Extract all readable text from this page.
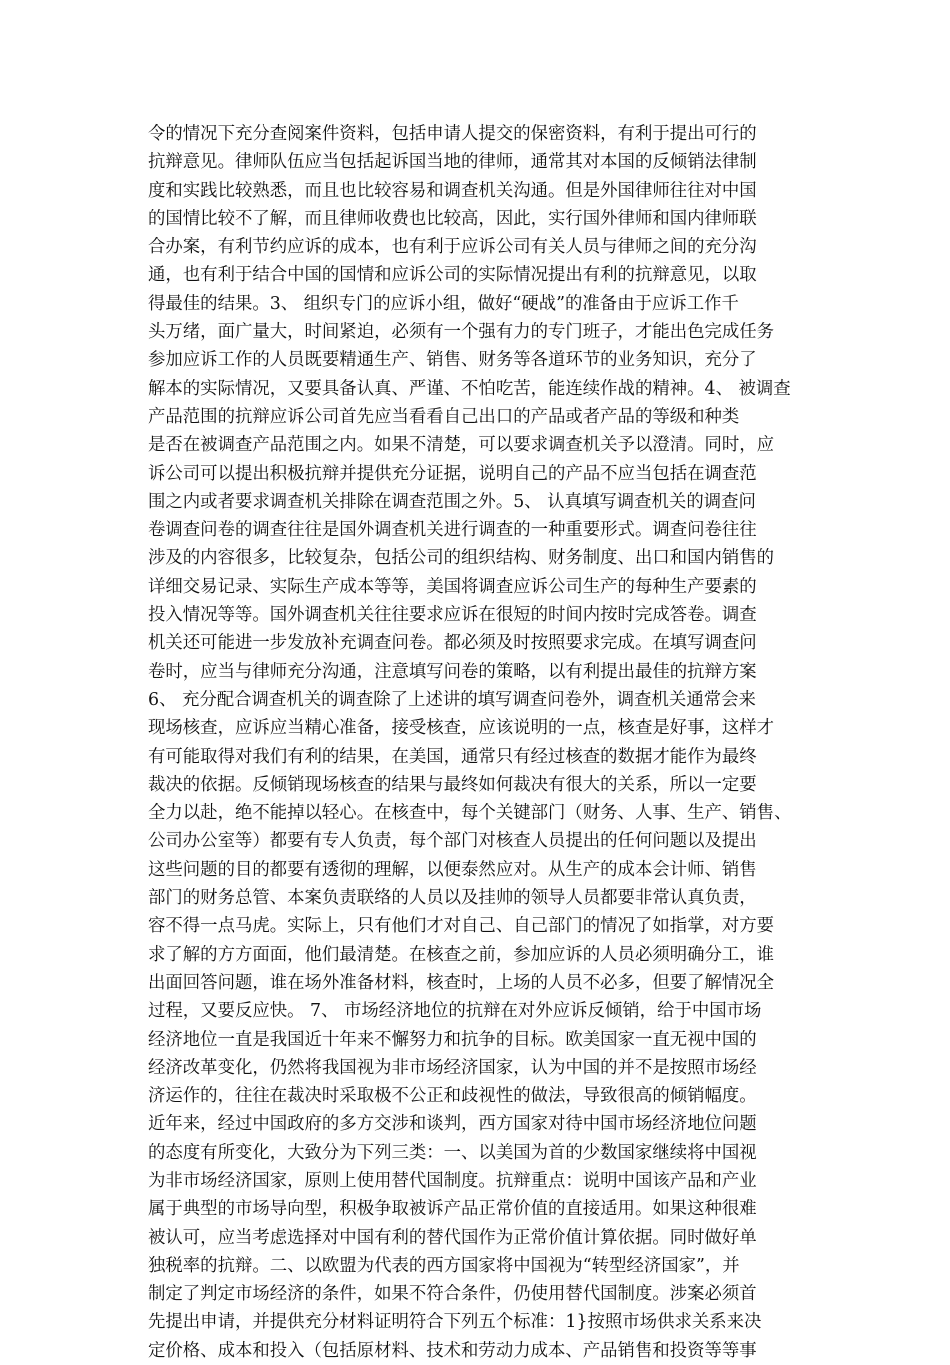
令的情况下充分查阅案件资料，包括申请人提交的保密资料，有利于提出可行的
抗辩意见。律师队伍应当包括起诉国当地的律师，通常其对本国的反倾销法律制
度和实践比较熟悉，而且也比较容易和调查机关沟通。但是外国律师往往对中国
的国情比较不了解，而且律师收费也比较高，因此，实行国外律师和国内律师联
合办案，有利节约应诉的成本，也有利于应诉公司有关人员与律师之间的充分沟
通，也有利于结合中国的国情和应诉公司的实际情况提出有利的抗辩意见，以取
得最佳的结果。3、 组织专门的应诉小组，做好“硬战”的准备由于应诉工作千
头万绪，面广量大，时间紧迫，必须有一个强有力的专门班子，才能出色完成任务
参加应诉工作的人员既要精通生产、销售、财务等各道环节的业务知识，充分了
解本的实际情况，又要具备认真、严谨、不怕吃苦，能连续作战的精神。4、 被调查
产品范围的抗辩应诉公司首先应当看看自己出口的产品或者产品的等级和种类
是否在被调查产品范围之内。如果不清楚，可以要求调查机关予以澄清。同时，应
诉公司可以提出积极抗辩并提供充分证据，说明自己的产品不应当包括在调查范
围之内或者要求调查机关排除在调查范围之外。5、 认真填写调查机关的调查问
卷调查问卷的调查往往是国外调查机关进行调查的一种重要形式。调查问卷往往
涉及的内容很多，比较复杂，包括公司的组织结构、财务制度、出口和国内销售的
详细交易记录、实际生产成本等等，美国将调查应诉公司生产的每种生产要素的
投入情况等等。国外调查机关往往要求应诉在很短的时间内按时完成答卷。调查
机关还可能进一步发放补充调查问卷。都必须及时按照要求完成。在填写调查问
卷时，应当与律师充分沟通，注意填写问卷的策略，以有利提出最佳的抗辩方案
6、 充分配合调查机关的调查除了上述讲的填写调查问卷外，调查机关通常会来
现场核查，应诉应当精心准备，接受核查，应该说明的一点，核查是好事，这样才
有可能取得对我们有利的结果，在美国，通常只有经过核查的数据才能作为最终
裁决的依据。反倾销现场核查的结果与最终如何裁决有很大的关系，所以一定要
全力以赴，绝不能掉以轻心。在核查中，每个关键部门（财务、人事、生产、销售、
公司办公室等）都要有专人负责，每个部门对核查人员提出的任何问题以及提出
这些问题的目的都要有透彻的理解，以便泰然应对。从生产的成本会计师、销售
部门的财务总管、本案负责联络的人员以及挂帅的领导人员都要非常认真负责，
容不得一点马虎。实际上，只有他们才对自己、自己部门的情况了如指掌，对方要
求了解的方方面面，他们最清楚。在核查之前，参加应诉的人员必须明确分工，谁
出面回答问题，谁在场外准备材料，核查时，上场的人员不必多，但要了解情况全
过程，又要反应快。 7、 市场经济地位的抗辩在对外应诉反倾销，给于中国市场
经济地位一直是我国近十年来不懈努力和抗争的目标。欧美国家一直无视中国的
经济改革变化，仍然将我国视为非市场经济国家，认为中国的并不是按照市场经
济运作的，往往在裁决时采取极不公正和歧视性的做法，导致很高的倾销幅度。
近年来，经过中国政府的多方交涉和谈判，西方国家对待中国市场经济地位问题
的态度有所变化，大致分为下列三类：一、以美国为首的少数国家继续将中国视
为非市场经济国家，原则上使用替代国制度。抗辩重点：说明中国该产品和产业
属于典型的市场导向型，积极争取被诉产品正常价值的直接适用。如果这种很难
被认可，应当考虑选择对中国有利的替代国作为正常价值计算依据。同时做好单
独税率的抗辩。二、以欧盟为代表的西方国家将中国视为“转型经济国家”，并
制定了判定市场经济的条件，如果不符合条件，仍使用替代国制度。涉案必须首
先提出申请，并提供充分材料证明符合下列五个标准：1}按照市场供求关系来决
定价格、成本和投入（包括原材料、技术和劳动力成本、产品销售和投资等等事
